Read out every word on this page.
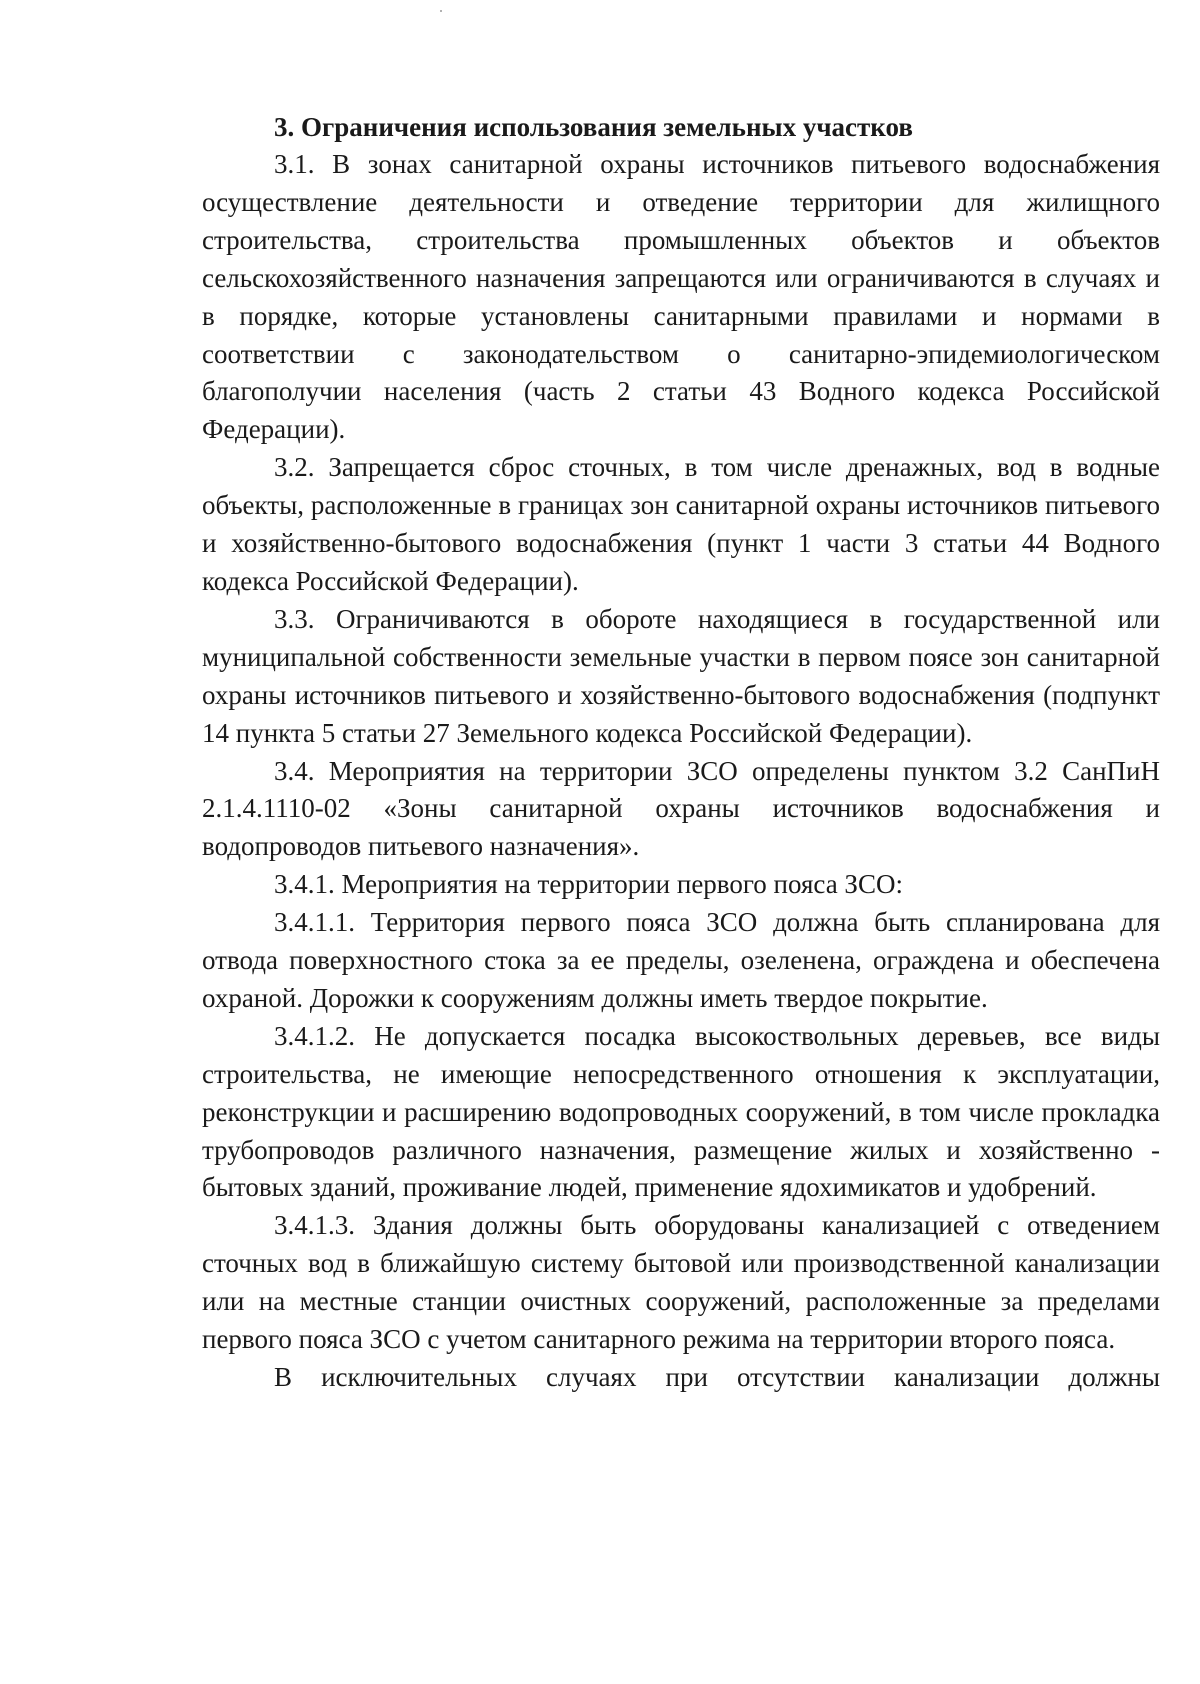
3. Ограничения использования земельных участков

3.1. В зонах санитарной охраны источников питьевого водоснабжения осуществление деятельности и отведение территории для жилищного строительства, строительства промышленных объектов и объектов сельскохозяйственного назначения запрещаются или ограничиваются в случаях и в порядке, которые установлены санитарными правилами и нормами в соответствии с законодательством о санитарно-эпидемиологическом благополучии населения (часть 2 статьи 43 Водного кодекса Российской Федерации).

3.2. Запрещается сброс сточных, в том числе дренажных, вод в водные объекты, расположенные в границах зон санитарной охраны источников питьевого и хозяйственно-бытового водоснабжения (пункт 1 части 3 статьи 44 Водного кодекса Российской Федерации).

3.3. Ограничиваются в обороте находящиеся в государственной или муниципальной собственности земельные участки в первом поясе зон санитарной охраны источников питьевого и хозяйственно-бытового водоснабжения (подпункт 14 пункта 5 статьи 27 Земельного кодекса Российской Федерации).

3.4. Мероприятия на территории ЗСО определены пунктом 3.2 СанПиН 2.1.4.1110-02 «Зоны санитарной охраны источников водоснабжения и водопроводов питьевого назначения».

3.4.1. Мероприятия на территории первого пояса ЗСО:

3.4.1.1. Территория первого пояса ЗСО должна быть спланирована для отвода поверхностного стока за ее пределы, озеленена, ограждена и обеспечена охраной. Дорожки к сооружениям должны иметь твердое покрытие.

3.4.1.2. Не допускается посадка высокоствольных деревьев, все виды строительства, не имеющие непосредственного отношения к эксплуатации, реконструкции и расширению водопроводных сооружений, в том числе прокладка трубопроводов различного назначения, размещение жилых и хозяйственно - бытовых зданий, проживание людей, применение ядохимикатов и удобрений.

3.4.1.3. Здания должны быть оборудованы канализацией с отведением сточных вод в ближайшую систему бытовой или производственной канализации или на местные станции очистных сооружений, расположенные за пределами первого пояса ЗСО с учетом санитарного режима на территории второго пояса.

В исключительных случаях при отсутствии канализации должны
